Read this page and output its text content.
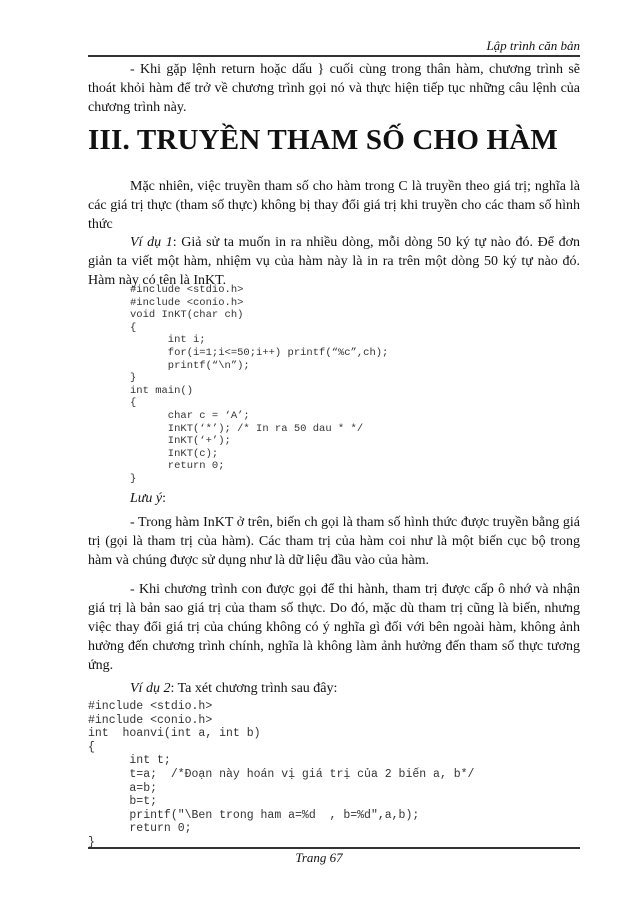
Lập trình căn bản

- Khi gặp lệnh return hoặc dấu } cuối cùng trong thân hàm, chương trình sẽ thoát khỏi hàm để trở về chương trình gọi nó và thực hiện tiếp tục những câu lệnh của chương trình này.

III. TRUYỀN THAM SỐ CHO HÀM

Mặc nhiên, việc truyền tham số cho hàm trong C là truyền theo giá trị; nghĩa là các giá trị thực (tham số thực) không bị thay đổi giá trị khi truyền cho các tham số hình thức

Ví dụ 1: Giả sử ta muốn in ra nhiều dòng, mỗi dòng 50 ký tự nào đó. Để đơn giản ta viết một hàm, nhiệm vụ của hàm này là in ra trên một dòng 50 ký tự nào đó. Hàm này có tên là InKT.

#include <stdio.h>
#include <conio.h>
void InKT(char ch)
{
int i;
for(i=1;i<=50;i++) printf(“%c”,ch);
printf(“\n”);
}
int main()
{
char c = ‘A’;
InKT(‘*’); /* In ra 50 dau * */
InKT(‘+’);
InKT(c);
return 0;
}

Lưu ý:

- Trong hàm InKT ở trên, biến ch gọi là tham số hình thức được truyền bằng giá trị (gọi là tham trị của hàm). Các tham trị của hàm coi như là một biến cục bộ trong hàm và chúng được sử dụng như là dữ liệu đầu vào của hàm.

- Khi chương trình con được gọi để thi hành, tham trị được cấp ô nhớ và nhận giá trị là bản sao giá trị của tham số thực. Do đó, mặc dù tham trị cũng là biến, nhưng việc thay đổi giá trị của chúng không có ý nghĩa gì đối với bên ngoài hàm, không ảnh hưởng đến chương trình chính, nghĩa là không làm ảnh hưởng đến tham số thực tương ứng.

Ví dụ 2: Ta xét chương trình sau đây:

#include <stdio.h>
#include <conio.h>
int  hoanvi(int a, int b)
{
int t;
t=a;  /*Đoạn này hoán vị giá trị của 2 biến a, b*/
a=b;
b=t;
printf("\Ben trong ham a=%d  , b=%d",a,b);
return 0;
}
Trang 67
